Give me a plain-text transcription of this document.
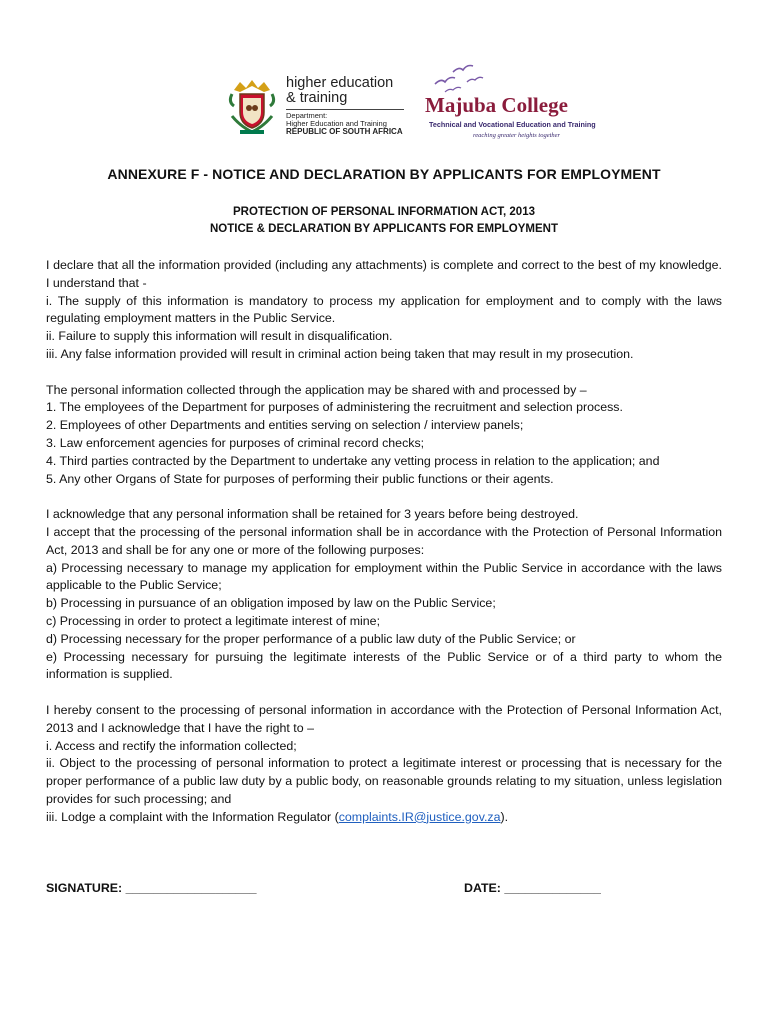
higher education
& training
Department:
Higher Education and Training
REPUBLIC OF SOUTH AFRICA
Majuba College
Technical and Vocational Education and Training
reaching greater heights together
ANNEXURE F - NOTICE AND DECLARATION BY APPLICANTS FOR EMPLOYMENT
PROTECTION OF PERSONAL INFORMATION ACT, 2013
NOTICE & DECLARATION BY APPLICANTS FOR EMPLOYMENT

I declare that all the information provided (including any attachments) is complete and correct to the best of my knowledge. I understand that -
i. The supply of this information is mandatory to process my application for employment and to comply with the laws regulating employment matters in the Public Service.
ii. Failure to supply this information will result in disqualification.
iii. Any false information provided will result in criminal action being taken that may result in my prosecution.

The personal information collected through the application may be shared with and processed by –
1. The employees of the Department for purposes of administering the recruitment and selection process.
2. Employees of other Departments and entities serving on selection / interview panels;
3. Law enforcement agencies for purposes of criminal record checks;
4. Third parties contracted by the Department to undertake any vetting process in relation to the application; and
5. Any other Organs of State for purposes of performing their public functions or their agents.

I acknowledge that any personal information shall be retained for 3 years before being destroyed.
I accept that the processing of the personal information shall be in accordance with the Protection of Personal Information Act, 2013 and shall be for any one or more of the following purposes:
a) Processing necessary to manage my application for employment within the Public Service in accordance with the laws applicable to the Public Service;
b) Processing in pursuance of an obligation imposed by law on the Public Service;
c) Processing in order to protect a legitimate interest of mine;
d) Processing necessary for the proper performance of a public law duty of the Public Service; or
e) Processing necessary for pursuing the legitimate interests of the Public Service or of a third party to whom the information is supplied.

I hereby consent to the processing of personal information in accordance with the Protection of Personal Information Act, 2013 and I acknowledge that I have the right to –
i. Access and rectify the information collected;
ii. Object to the processing of personal information to protect a legitimate interest or processing that is necessary for the proper performance of a public law duty by a public body, on reasonable grounds relating to my situation, unless legislation provides for such processing; and
iii. Lodge a complaint with the Information Regulator (complaints.IR@justice.gov.za).

SIGNATURE: ___________________	DATE: ______________
